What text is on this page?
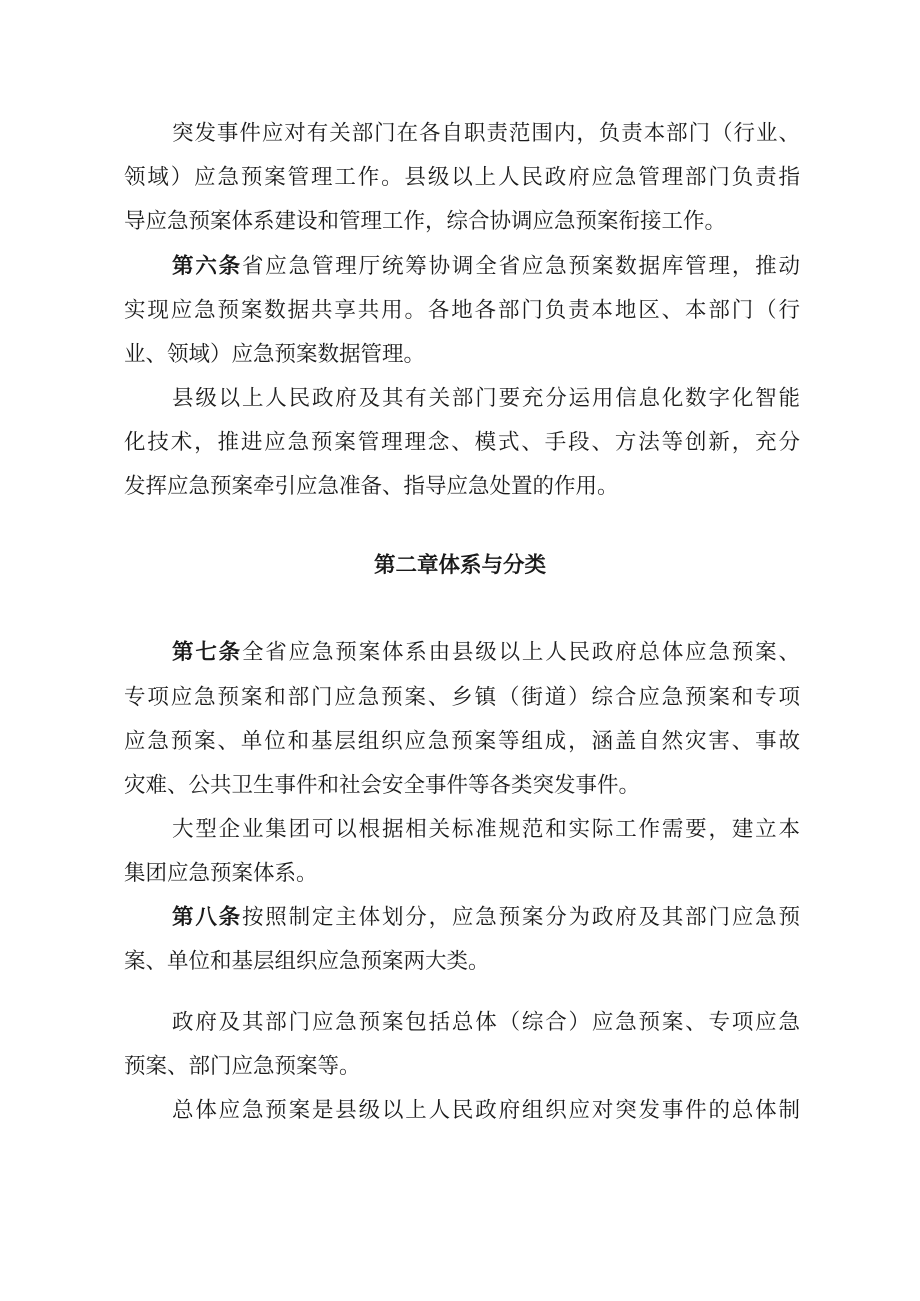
突发事件应对有关部门在各自职责范围内，负责本部门（行业、
领域）应急预案管理工作。县级以上人民政府应急管理部门负责指
导应急预案体系建设和管理工作，综合协调应急预案衔接工作。
第六条省应急管理厅统筹协调全省应急预案数据库管理，推动
实现应急预案数据共享共用。各地各部门负责本地区、本部门（行
业、领域）应急预案数据管理。
县级以上人民政府及其有关部门要充分运用信息化数字化智能
化技术，推进应急预案管理理念、模式、手段、方法等创新，充分
发挥应急预案牵引应急准备、指导应急处置的作用。
第二章体系与分类
第七条全省应急预案体系由县级以上人民政府总体应急预案、
专项应急预案和部门应急预案、乡镇（街道）综合应急预案和专项
应急预案、单位和基层组织应急预案等组成，涵盖自然灾害、事故
灾难、公共卫生事件和社会安全事件等各类突发事件。
大型企业集团可以根据相关标准规范和实际工作需要，建立本
集团应急预案体系。
第八条按照制定主体划分，应急预案分为政府及其部门应急预
案、单位和基层组织应急预案两大类。
政府及其部门应急预案包括总体（综合）应急预案、专项应急
预案、部门应急预案等。
总体应急预案是县级以上人民政府组织应对突发事件的总体制
